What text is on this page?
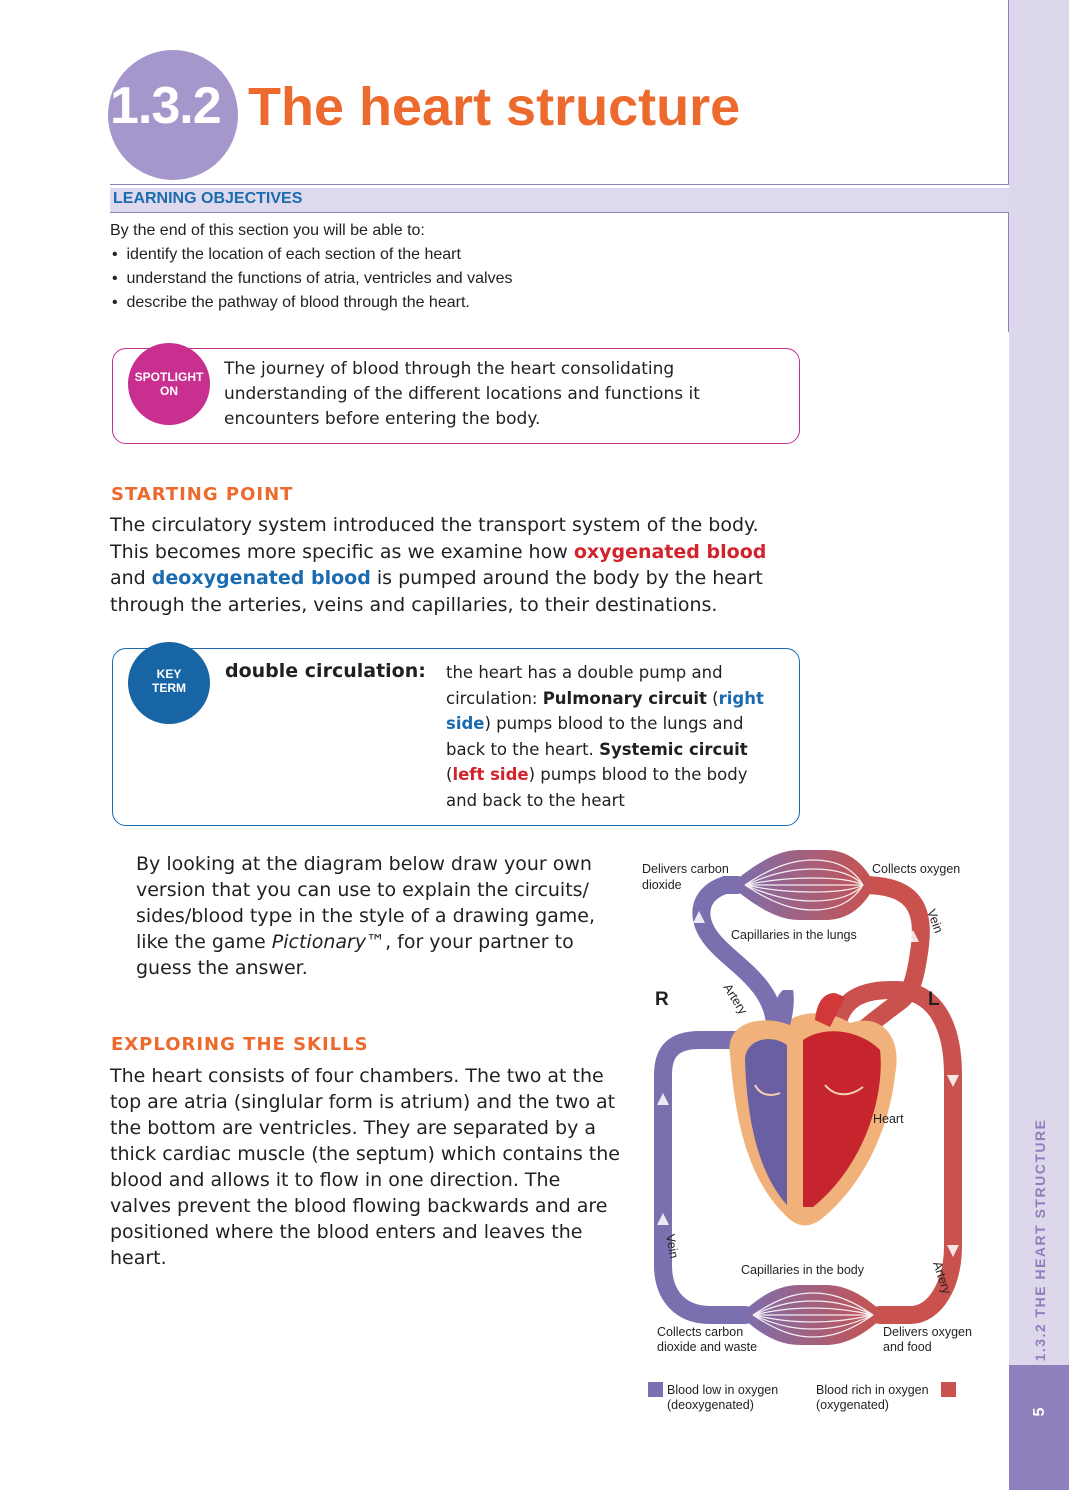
1.3.2 THE HEART STRUCTURE
5
1.3.2 The heart structure
LEARNING OBJECTIVES
By the end of this section you will be able to:
•  identify the location of each section of the heart
•  understand the functions of atria, ventricles and valves
•  describe the pathway of blood through the heart.
SPOTLIGHT
ON
The journey of blood through the heart consolidating understanding of the different locations and functions it encounters before entering the body.
STARTING POINT
The circulatory system introduced the transport system of the body. This becomes more specific as we examine how oxygenated blood and deoxygenated blood is pumped around the body by the heart through the arteries, veins and capillaries, to their destinations.
KEY
TERM
double circulation: the heart has a double pump and circulation: Pulmonary circuit (right side) pumps blood to the lungs and back to the heart. Systemic circuit (left side) pumps blood to the body and back to the heart
By looking at the diagram below draw your own version that you can use to explain the circuits/ sides/blood type in the style of a drawing game, like the game Pictionary™, for your partner to guess the answer.
EXPLORING THE SKILLS
The heart consists of four chambers. The two at the top are atria (singlular form is atrium) and the two at the bottom are ventricles. They are separated by a thick cardiac muscle (the septum) which contains the blood and allows it to flow in one direction. The valves prevent the blood flowing backwards and are positioned where the blood enters and leaves the heart.
Delivers carbon
dioxide
Collects oxygen
Capillaries in the lungs
Vein
Artery
R	L
Heart
Vein
Artery
Capillaries in the body
Collects carbon
dioxide and waste
Delivers oxygen
and food
Blood low in oxygen
(deoxygenated)
Blood rich in oxygen
(oxygenated)
